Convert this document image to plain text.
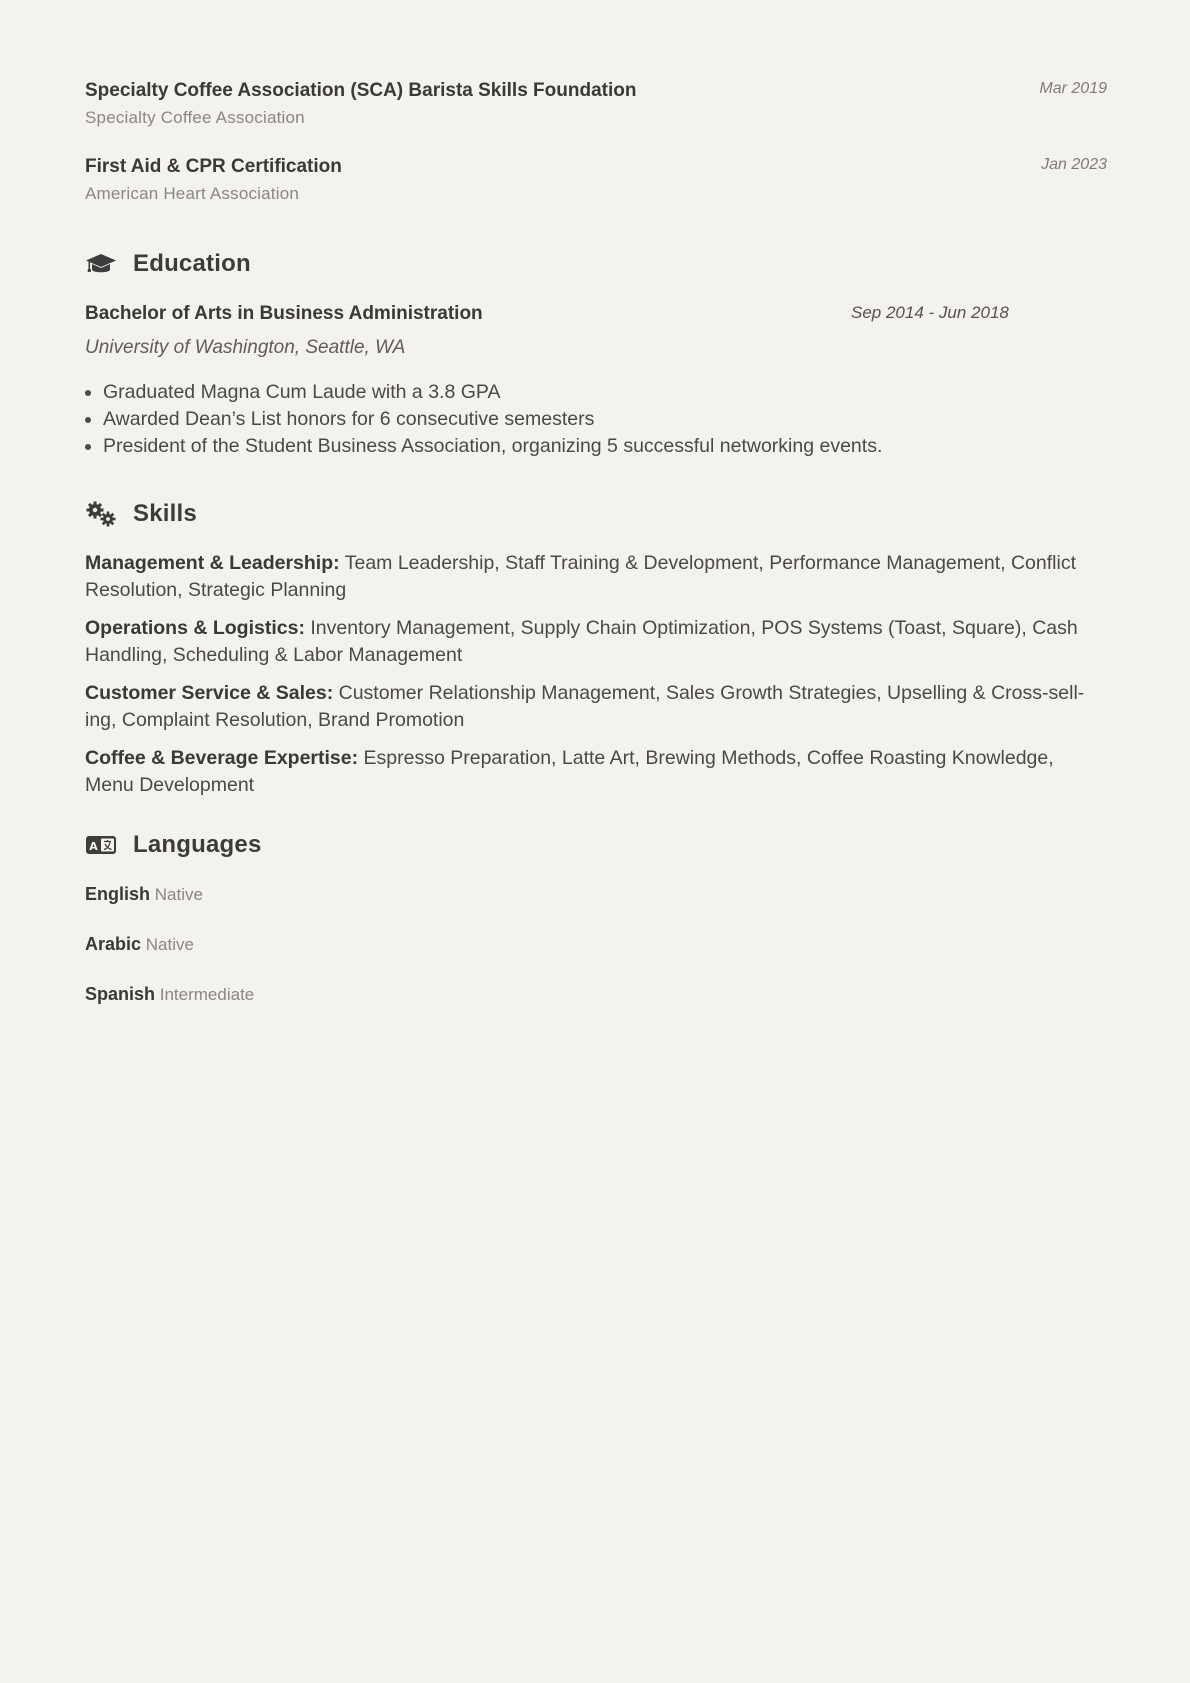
Specialty Coffee Association (SCA) Barista Skills Foundation
Specialty Coffee Association
Mar 2019
First Aid & CPR Certification
American Heart Association
Jan 2023
Education
Bachelor of Arts in Business Administration	Sep 2014 - Jun 2018
University of Washington, Seattle, WA
• Graduated Magna Cum Laude with a 3.8 GPA
• Awarded Dean’s List honors for 6 consecutive semesters
• President of the Student Business Association, organizing 5 successful networking events.
Skills

Management & Leadership: Team Leadership, Staff Training & Development, Performance Management, Conflict Resolution, Strategic Planning

Operations & Logistics: Inventory Management, Supply Chain Optimization, POS Systems (Toast, Square), Cash Handling, Scheduling & Labor Management

Customer Service & Sales: Customer Relationship Management, Sales Growth Strategies, Upselling & Cross-sell-ing, Complaint Resolution, Brand Promotion

Coffee & Beverage Expertise: Espresso Preparation, Latte Art, Brewing Methods, Coffee Roasting Knowledge, Menu Development

A Languages
English Native
Arabic Native
Spanish Intermediate
